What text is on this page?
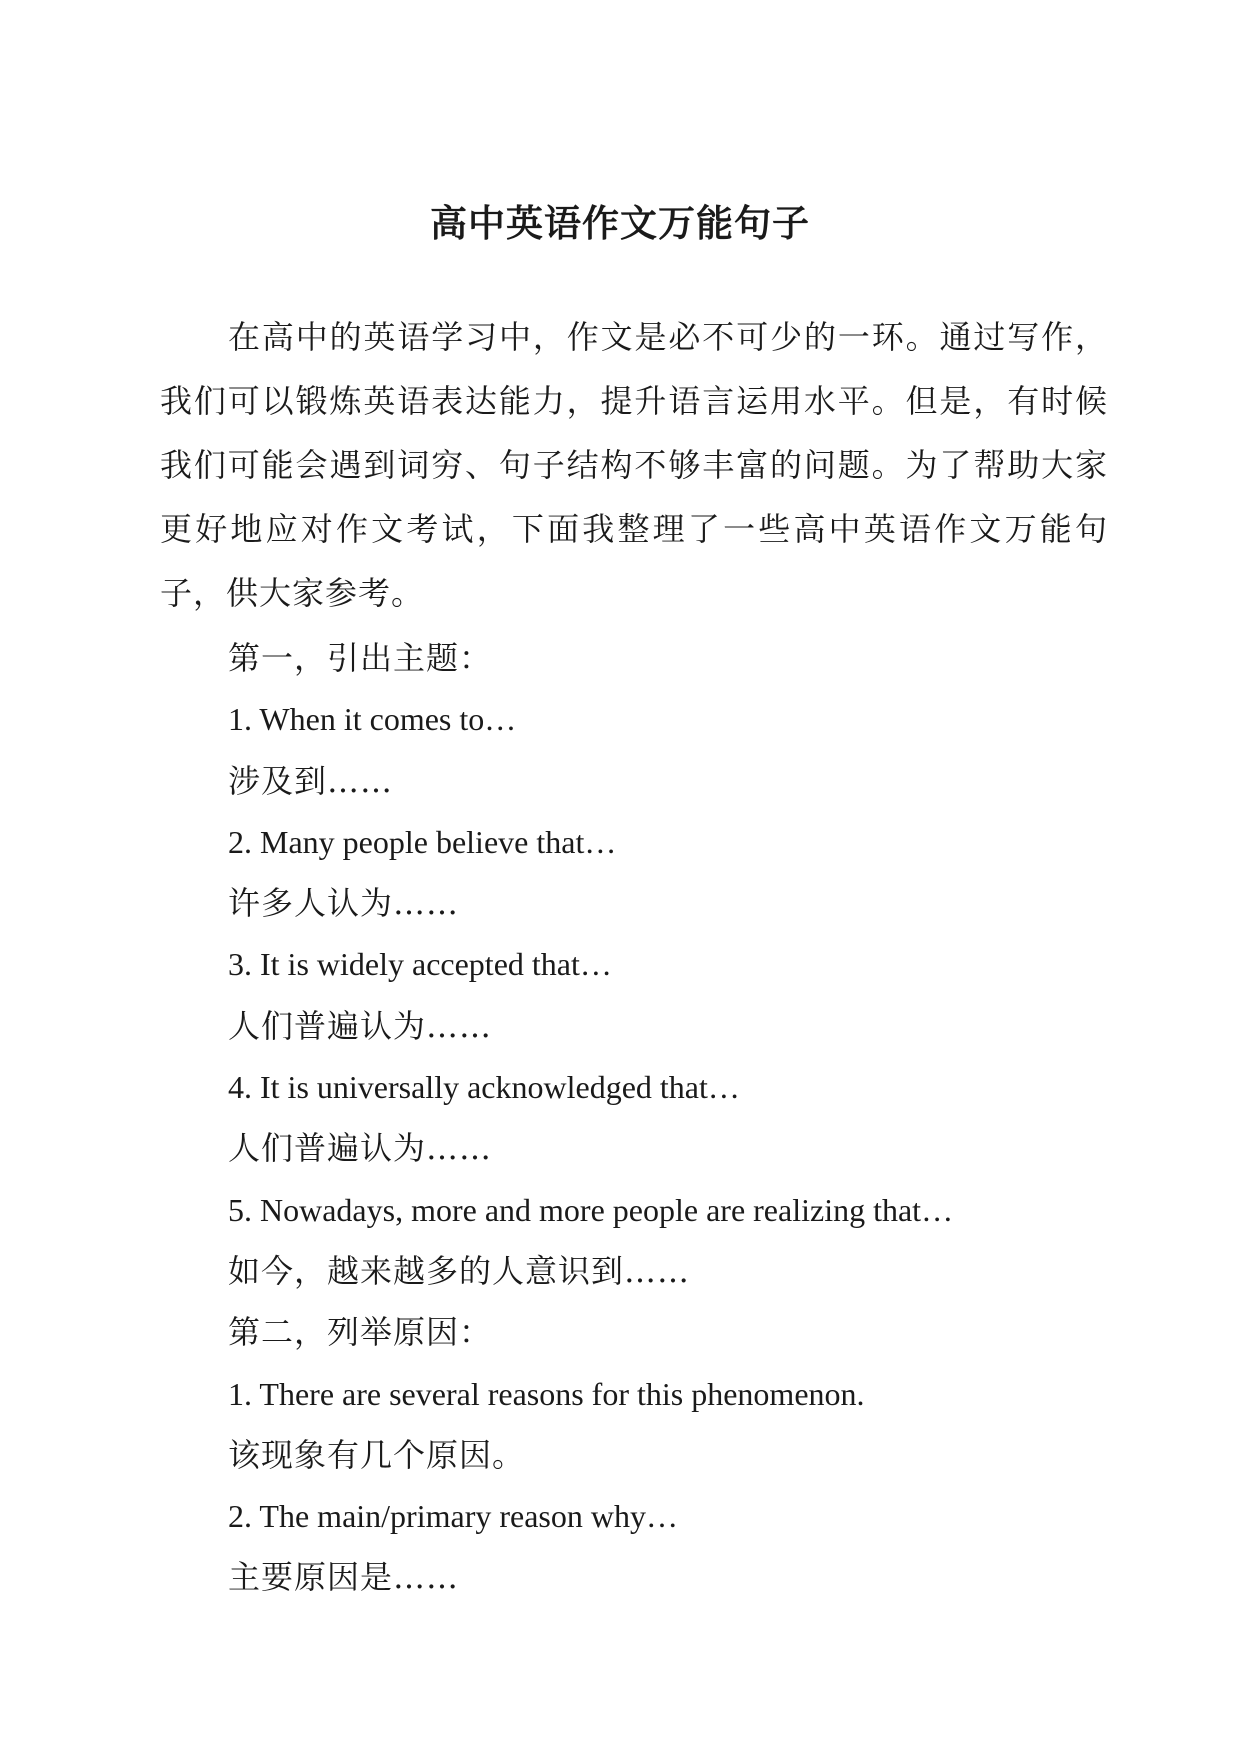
高中英语作文万能句子

在高中的英语学习中，作文是必不可少的一环。通过写作，我们可以锻炼英语表达能力，提升语言运用水平。但是，有时候我们可能会遇到词穷、句子结构不够丰富的问题。为了帮助大家更好地应对作文考试，下面我整理了一些高中英语作文万能句子，供大家参考。

第一，引出主题：
1. When it comes to…
涉及到……
2. Many people believe that…
许多人认为……
3. It is widely accepted that…
人们普遍认为……
4. It is universally acknowledged that…
人们普遍认为……
5. Nowadays, more and more people are realizing that…
如今，越来越多的人意识到……
第二，列举原因：
1. There are several reasons for this phenomenon.
该现象有几个原因。
2. The main/primary reason why…
主要原因是……
